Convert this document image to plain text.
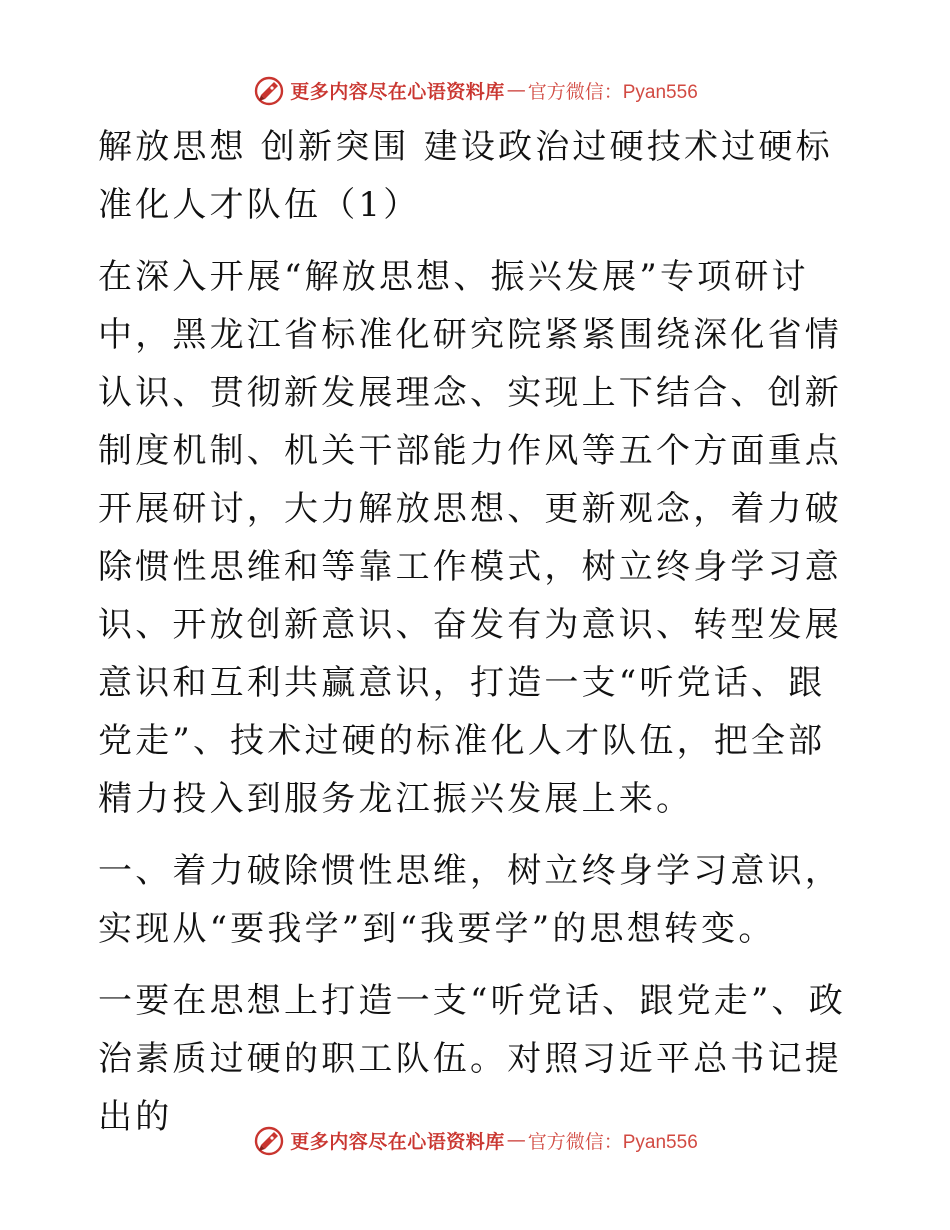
更多内容尽在心语资料库 — 官方微信：Pyan556

解放思想 创新突围 建设政治过硬技术过硬标准化人才队伍（1）

在深入开展“解放思想、振兴发展”专项研讨中，黑龙江省标准化研究院紧紧围绕深化省情认识、贯彻新发展理念、实现上下结合、创新制度机制、机关干部能力作风等五个方面重点开展研讨，大力解放思想、更新观念，着力破除惯性思维和等靠工作模式，树立终身学习意识、开放创新意识、奋发有为意识、转型发展意识和互利共赢意识，打造一支“听党话、跟党走”、技术过硬的标准化人才队伍，把全部精力投入到服务龙江振兴发展上来。

一、着力破除惯性思维，树立终身学习意识，实现从“要我学”到“我要学”的思想转变。

一要在思想上打造一支“听党话、跟党走”、政治素质过硬的职工队伍。对照习近平总书记提出的

更多内容尽在心语资料库 — 官方微信：Pyan556
